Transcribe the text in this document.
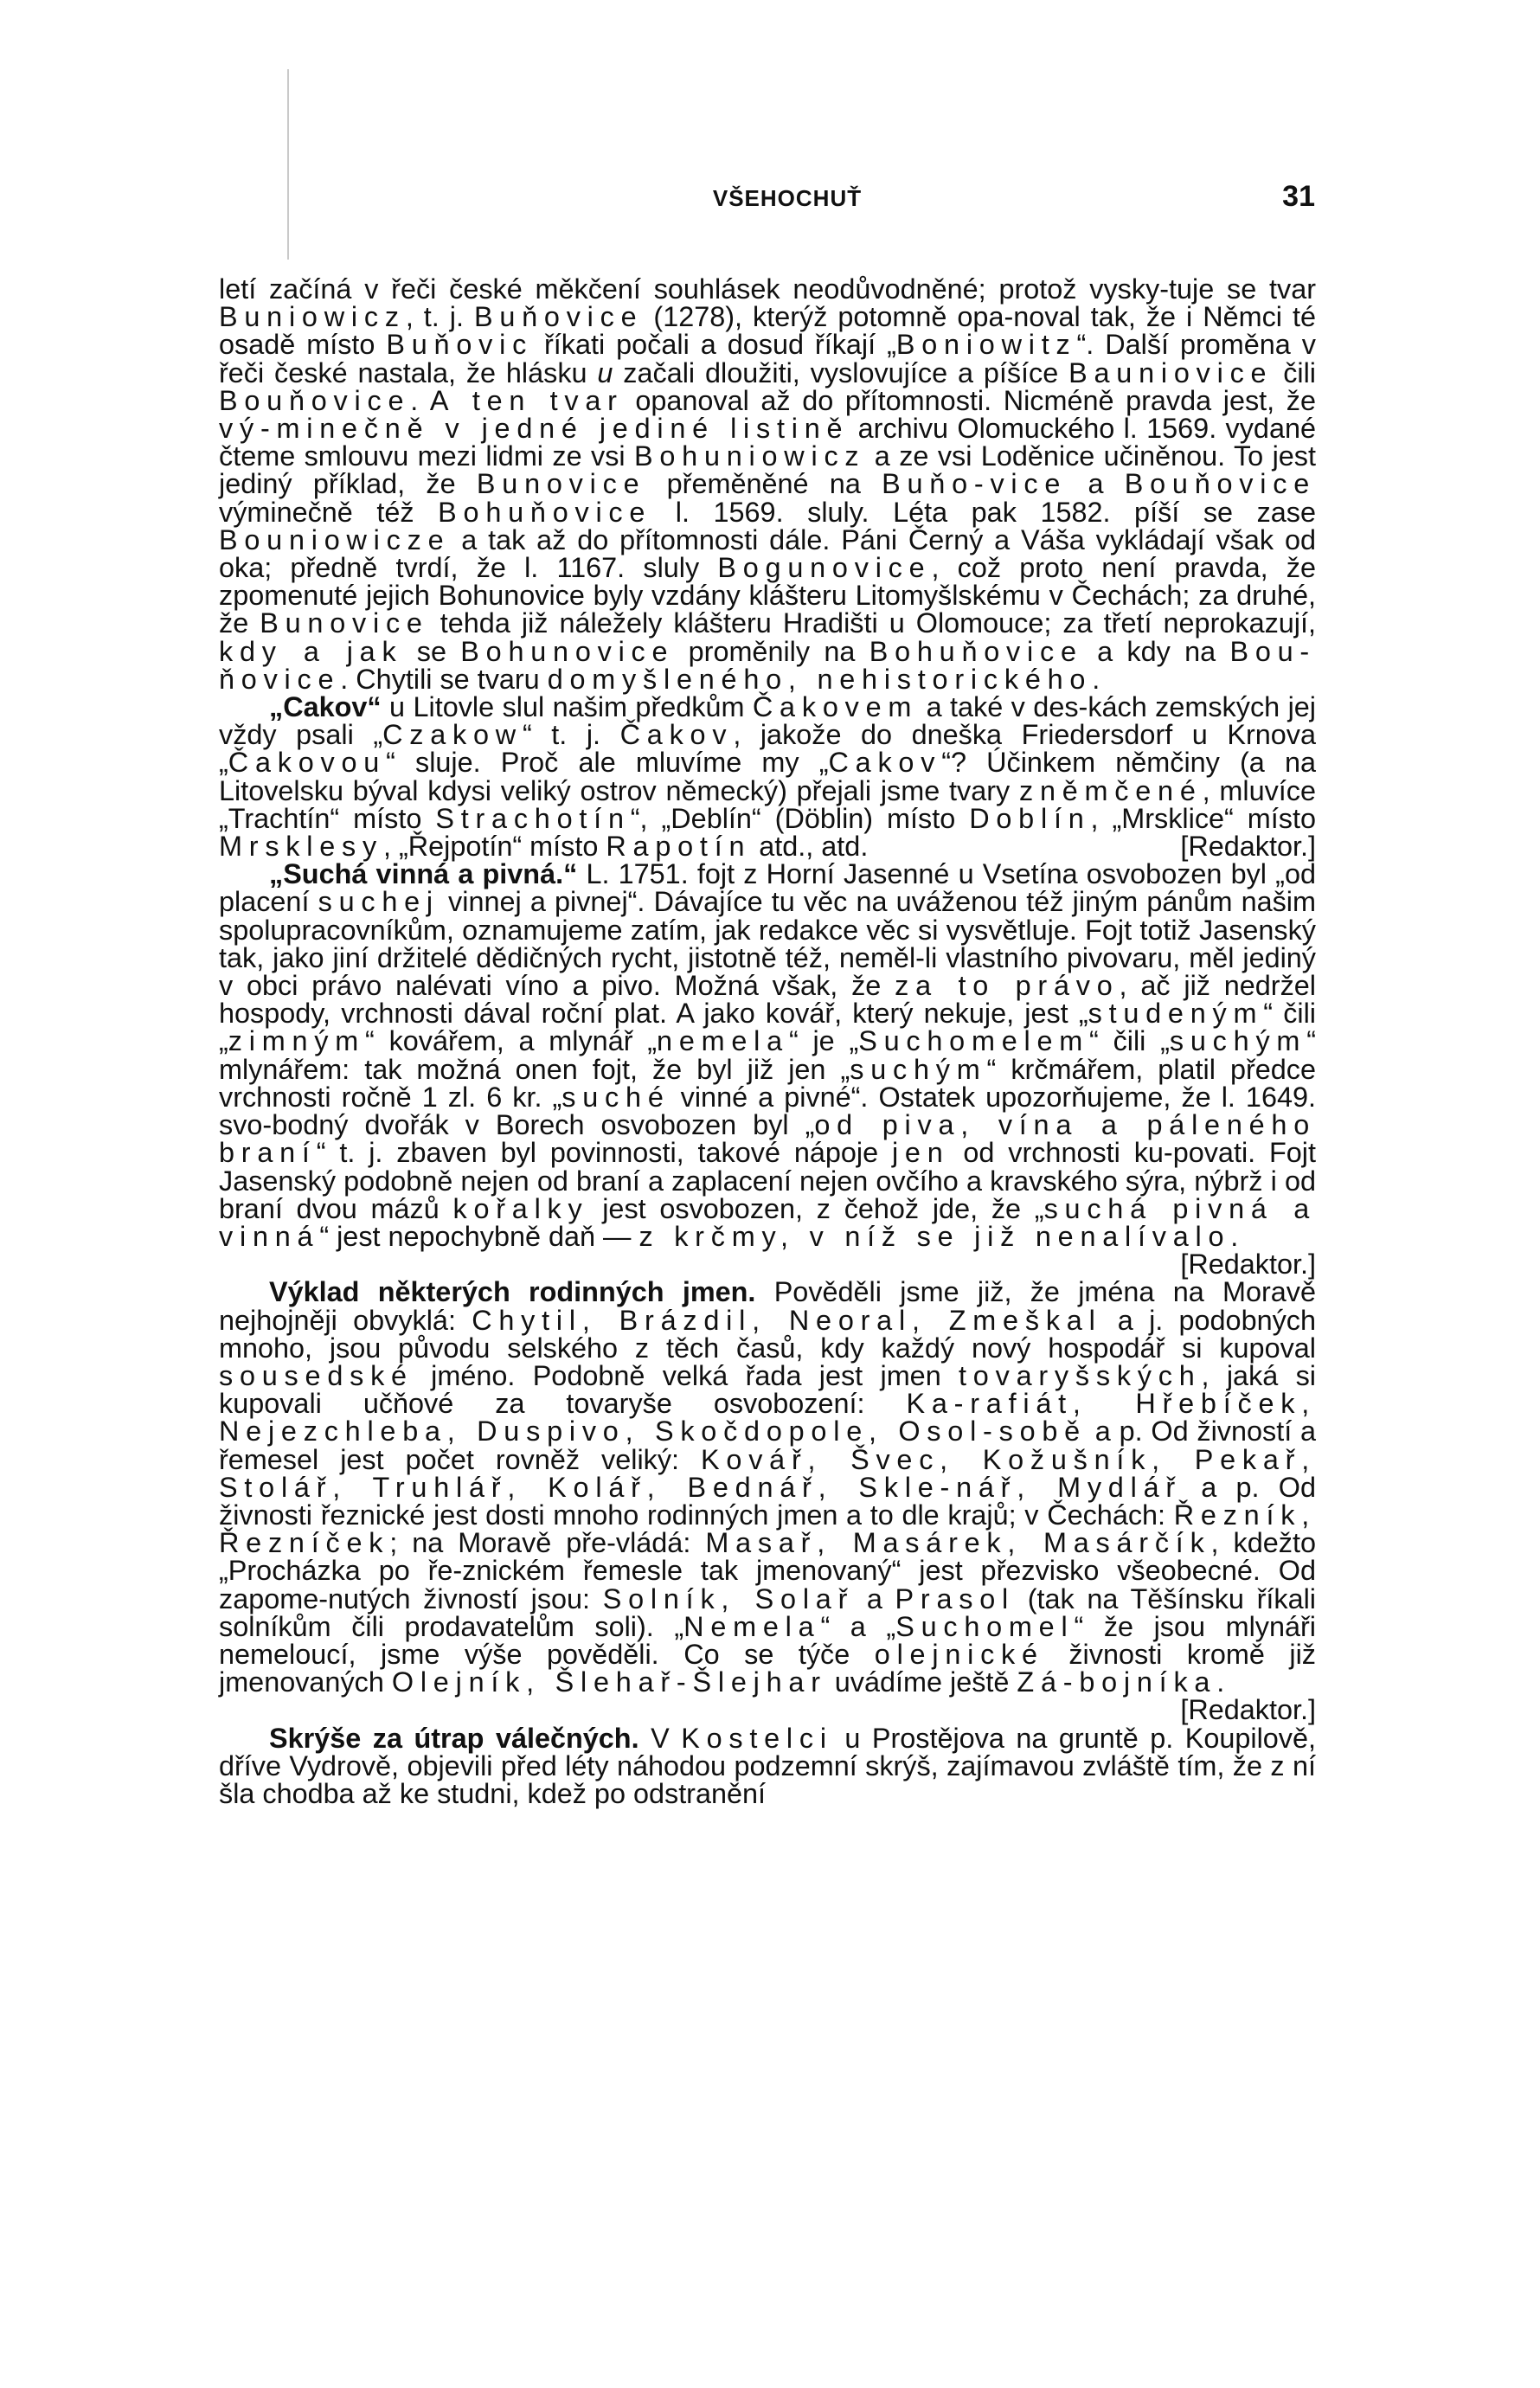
VŠEHOCHUŤ	31

letí začíná v řeči české měkčení souhlásek neodůvodněné; protož vysky-tuje se tvar Buniowicz, t. j. Buňovice (1278), kterýž potomně opa-noval tak, že i Němci té osadě místo Buňovic říkati počali a dosud říkají „Boniowitz“. Další proměna v řeči české nastala, že hlásku u začali dloužiti, vyslovujíce a píšíce Bauniovice čili Bouňovice. A ten tvar opanoval až do přítomnosti. Nicméně pravda jest, že vý-minečně v jedné jediné listině archivu Olomuckého l. 1569. vydané čteme smlouvu mezi lidmi ze vsi Bohuniowicz a ze vsi Loděnice učiněnou. To jest jediný příklad, že Bunovice přeměněné na Buňo-vice a Bouňovice výminečně též Bohuňovice l. 1569. sluly. Léta pak 1582. píší se zase Bouniowicze a tak až do přítomnosti dále. Páni Černý a Váša vykládají však od oka; předně tvrdí, že l. 1167. sluly Bogunovice, což proto není pravda, že zpomenuté jejich Bohunovice byly vzdány klášteru Litomyšlskému v Čechách; za druhé, že Bunovice tehda již náležely klášteru Hradišti u Olomouce; za třetí neprokazují, kdy a jak se Bohunovice proměnily na Bohuňovice a kdy na Bou-ňovice. Chytili se tvaru domyšleného, nehistorického.

„Cakov“ u Litovle slul našim předkům Čakovem a také v des-kách zemských jej vždy psali „Czakow“ t. j. Čakov, jakože do dneška Friedersdorf u Krnova „Čakovou“ sluje. Proč ale mluvíme my „Cakov“? Účinkem němčiny (a na Litovelsku býval kdysi veliký ostrov německý) přejali jsme tvary zněmčené, mluvíce „Trachtín“ místo Strachotín“, „Deblín“ (Döblin) místo Doblín, „Mrsklice“ místo Mrsklesy, „Řejpotín“ místo Rapotín atd., atd.	[Redaktor.]

„Suchá vinná a pivná.“ L. 1751. fojt z Horní Jasenné u Vsetína osvobozen byl „od placení suchej vinnej a pivnej“. Dávajíce tu věc na uváženou též jiným pánům našim spolupracovníkům, oznamujeme zatím, jak redakce věc si vysvětluje. Fojt totiž Jasenský tak, jako jiní držitelé dědičných rycht, jistotně též, neměl-li vlastního pivovaru, měl jediný v obci právo nalévati víno a pivo. Možná však, že za to právo, ač již nedržel hospody, vrchnosti dával roční plat. A jako kovář, který nekuje, jest „studeným“ čili „zimným“ kovářem, a mlynář „nemela“ je „Suchomelem“ čili „suchým“ mlynářem: tak možná onen fojt, že byl již jen „suchým“ krčmářem, platil předce vrchnosti ročně 1 zl. 6 kr. „suché vinné a pivné“. Ostatek upozorňujeme, že l. 1649. svo-bodný dvořák v Borech osvobozen byl „od piva, vína a páleného braní“ t. j. zbaven byl povinnosti, takové nápoje jen od vrchnosti ku-povati. Fojt Jasenský podobně nejen od braní a zaplacení nejen ovčího a kravského sýra, nýbrž i od braní dvou mázů kořalky jest osvobozen, z čehož jde, že „suchá pivná a vinná“ jest nepochybně daň — z krčmy, v níž se již nenalívalo.
[Redaktor.]

Výklad některých rodinných jmen. Pověděli jsme již, že jména na Moravě nejhojněji obvyklá: Chytil, Brázdil, Neoral, Zmeškal a j. podobných mnoho, jsou původu selského z těch časů, kdy každý nový hospodář si kupoval sousedské jméno. Podobně velká řada jest jmen tovaryšských, jaká si kupovali učňové za tovaryše osvobození: Ka-rafiát, Hřebíček, Nejezchleba, Duspivo, Skočdopole, Osol-sobě a p. Od živností a řemesel jest počet rovněž veliký: Kovář, Švec, Kožušník, Pekař, Stolář, Truhlář, Kolář, Bednář, Skle-nář, Mydlář a p. Od živnosti řeznické jest dosti mnoho rodinných jmen a to dle krajů; v Čechách: Řezník, Řezníček; na Moravě pře-vládá: Masař, Masárek, Masárčík, kdežto „Procházka po ře-znickém řemesle tak jmenovaný“ jest přezvisko všeobecné. Od zapome-nutých živností jsou: Solník, Solař a Prasol (tak na Těšínsku říkali solníkům čili prodavatelům soli). „Nemela“ a „Suchomel“ že jsou mlynáři nemeloucí, jsme výše pověděli. Co se týče olejnické živnosti kromě již jmenovaných Olejník, Šlehař-Šlejhar uvádíme ještě Zá-bojníka.
[Redaktor.]

Skrýše za útrap válečných. V Kostelci u Prostějova na gruntě p. Koupilově, dříve Vydrově, objevili před léty náhodou podzemní skrýš, zajímavou zvláště tím, že z ní šla chodba až ke studni, kdež po odstranění
